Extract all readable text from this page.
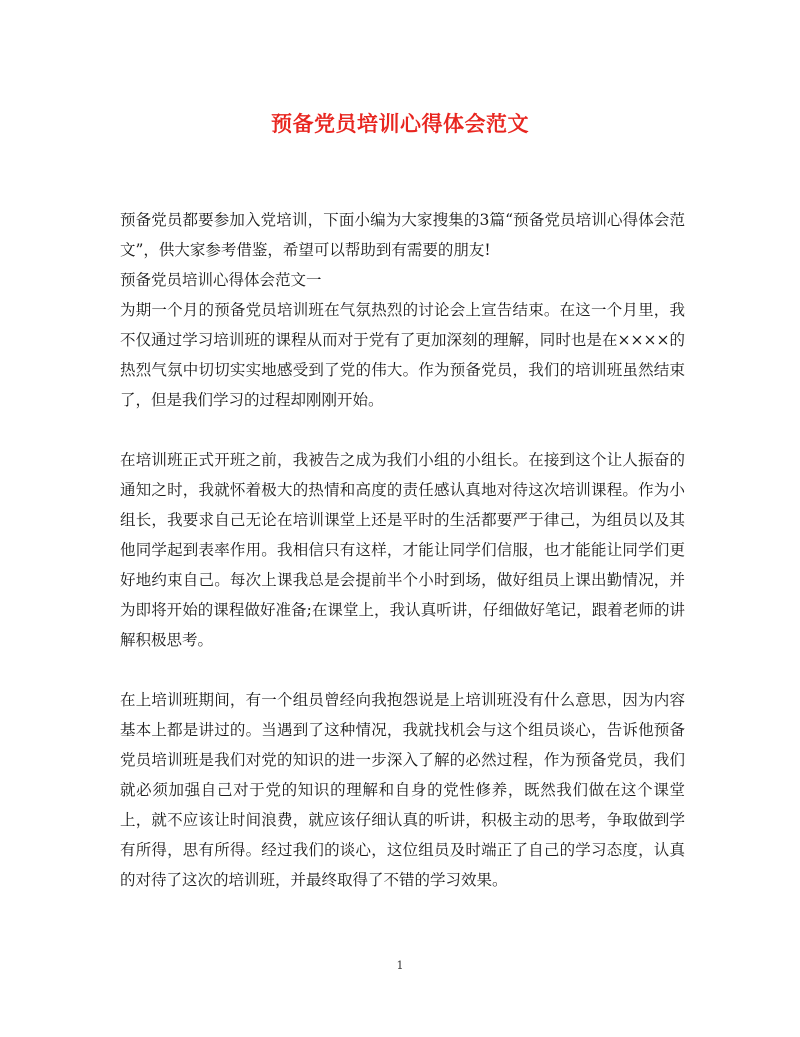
预备党员培训心得体会范文

预备党员都要参加入党培训，下面小编为大家搜集的3篇“预备党员培训心得体会范文”，供大家参考借鉴，希望可以帮助到有需要的朋友!

预备党员培训心得体会范文一

为期一个月的预备党员培训班在气氛热烈的讨论会上宣告结束。在这一个月里，我不仅通过学习培训班的课程从而对于党有了更加深刻的理解，同时也是在××××的热烈气氛中切切实实地感受到了党的伟大。作为预备党员，我们的培训班虽然结束了，但是我们学习的过程却刚刚开始。

在培训班正式开班之前，我被告之成为我们小组的小组长。在接到这个让人振奋的通知之时，我就怀着极大的热情和高度的责任感认真地对待这次培训课程。作为小组长，我要求自己无论在培训课堂上还是平时的生活都要严于律己，为组员以及其他同学起到表率作用。我相信只有这样，才能让同学们信服，也才能能让同学们更好地约束自己。每次上课我总是会提前半个小时到场，做好组员上课出勤情况，并为即将开始的课程做好准备;在课堂上，我认真听讲，仔细做好笔记，跟着老师的讲解积极思考。

在上培训班期间，有一个组员曾经向我抱怨说是上培训班没有什么意思，因为内容基本上都是讲过的。当遇到了这种情况，我就找机会与这个组员谈心，告诉他预备党员培训班是我们对党的知识的进一步深入了解的必然过程，作为预备党员，我们就必须加强自己对于党的知识的理解和自身的党性修养，既然我们做在这个课堂上，就不应该让时间浪费，就应该仔细认真的听讲，积极主动的思考，争取做到学有所得，思有所得。经过我们的谈心，这位组员及时端正了自己的学习态度，认真的对待了这次的培训班，并最终取得了不错的学习效果。

1
